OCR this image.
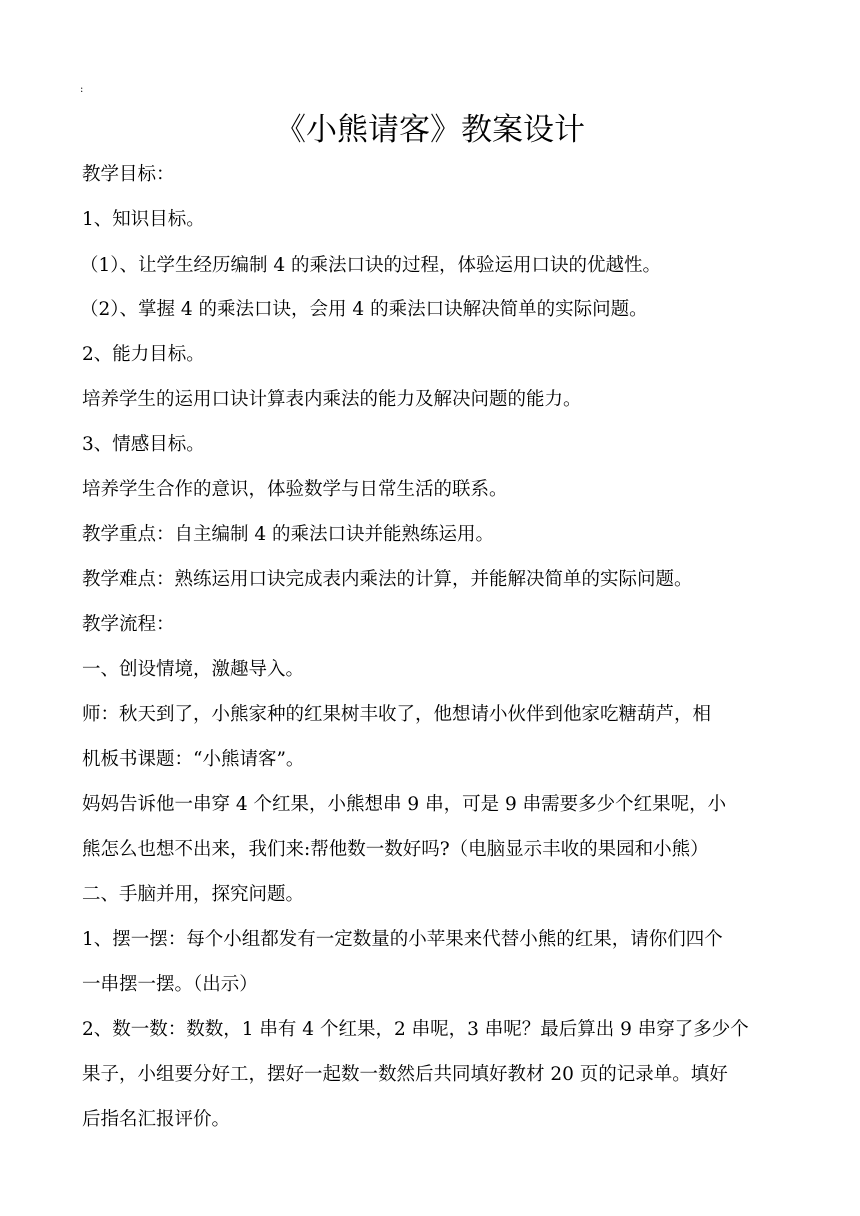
:
《小熊请客》教案设计
教学目标：
1、知识目标。
（1）、让学生经历编制 4 的乘法口诀的过程，体验运用口诀的优越性。
（2）、掌握 4 的乘法口诀，会用 4 的乘法口诀解决简单的实际问题。
2、能力目标。
培养学生的运用口诀计算表内乘法的能力及解决问题的能力。
3、情感目标。
培养学生合作的意识，体验数学与日常生活的联系。
教学重点：自主编制 4 的乘法口诀并能熟练运用。
教学难点：熟练运用口诀完成表内乘法的计算，并能解决简单的实际问题。
教学流程：
一、创设情境，激趣导入。
师：秋天到了，小熊家种的红果树丰收了，他想请小伙伴到他家吃糖葫芦，相
机板书课题：“小熊请客”。
妈妈告诉他一串穿 4 个红果，小熊想串 9 串，可是 9 串需要多少个红果呢，小
熊怎么也想不出来，我们来:帮他数一数好吗?（电脑显示丰收的果园和小熊）
二、手脑并用，探究问题。
1、摆一摆：每个小组都发有一定数量的小苹果来代替小熊的红果，请你们四个
一串摆一摆。（出示）
2、数一数：数数，1 串有 4 个红果，2 串呢，3 串呢？最后算出 9 串穿了多少个
果子，小组要分好工，摆好一起数一数然后共同填好教材 20 页的记录单。填好
后指名汇报评价。
